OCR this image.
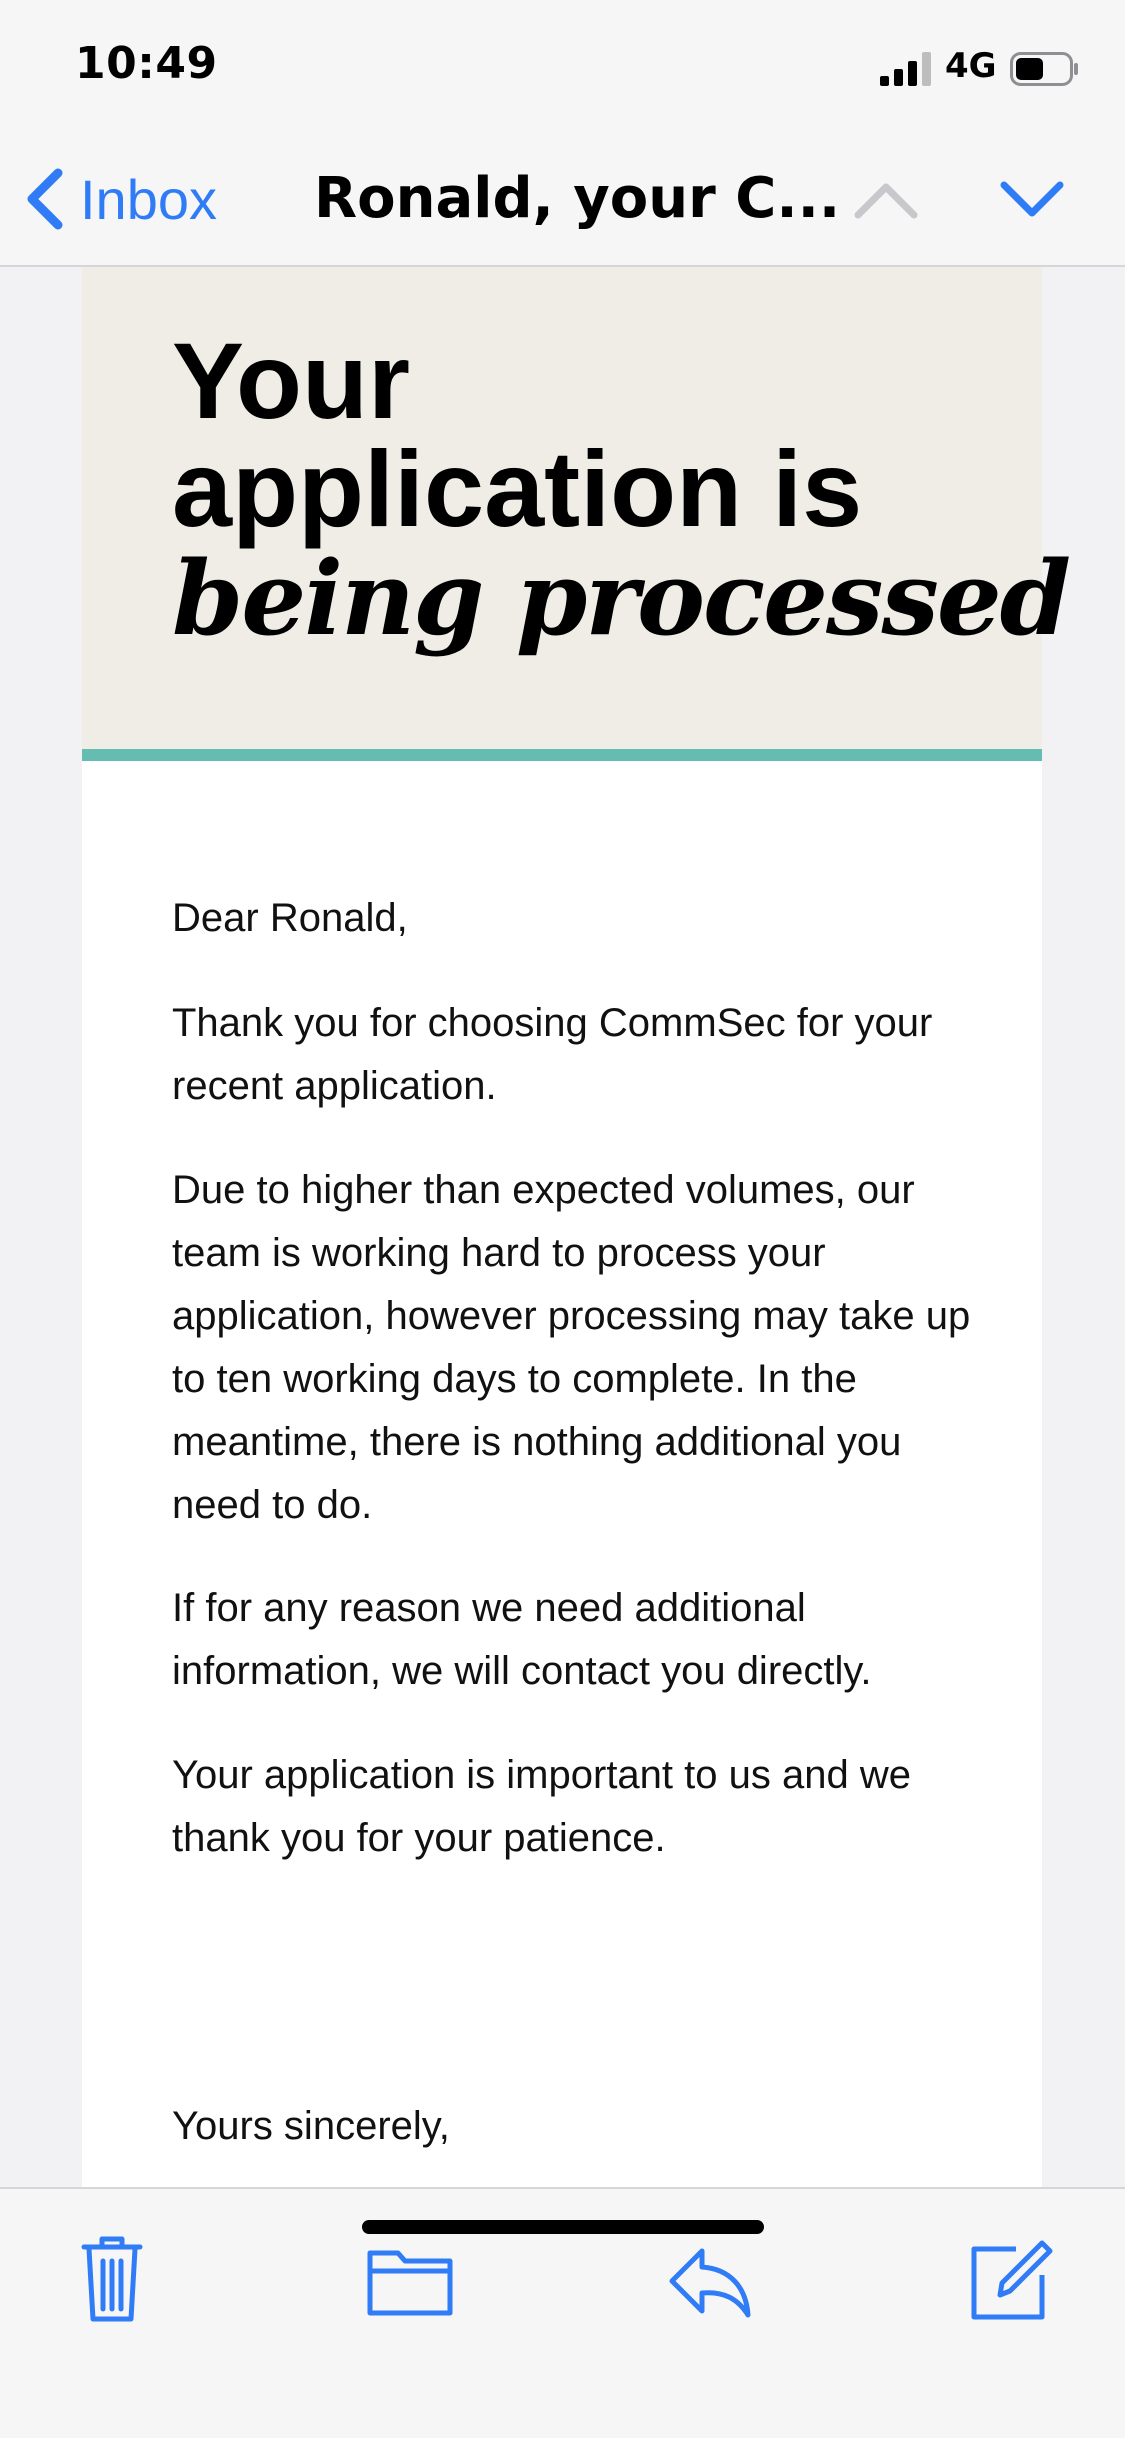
10:49	4G
Inbox Ronald, your C...
Your
application is
being processed

Dear Ronald,

Thank you for choosing CommSec for your recent application.

Due to higher than expected volumes, our team is working hard to process your application, however processing may take up to ten working days to complete. In the meantime, there is nothing additional you need to do.

If for any reason we need additional information, we will contact you directly.

Your application is important to us and we thank you for your patience.

Yours sincerely,
